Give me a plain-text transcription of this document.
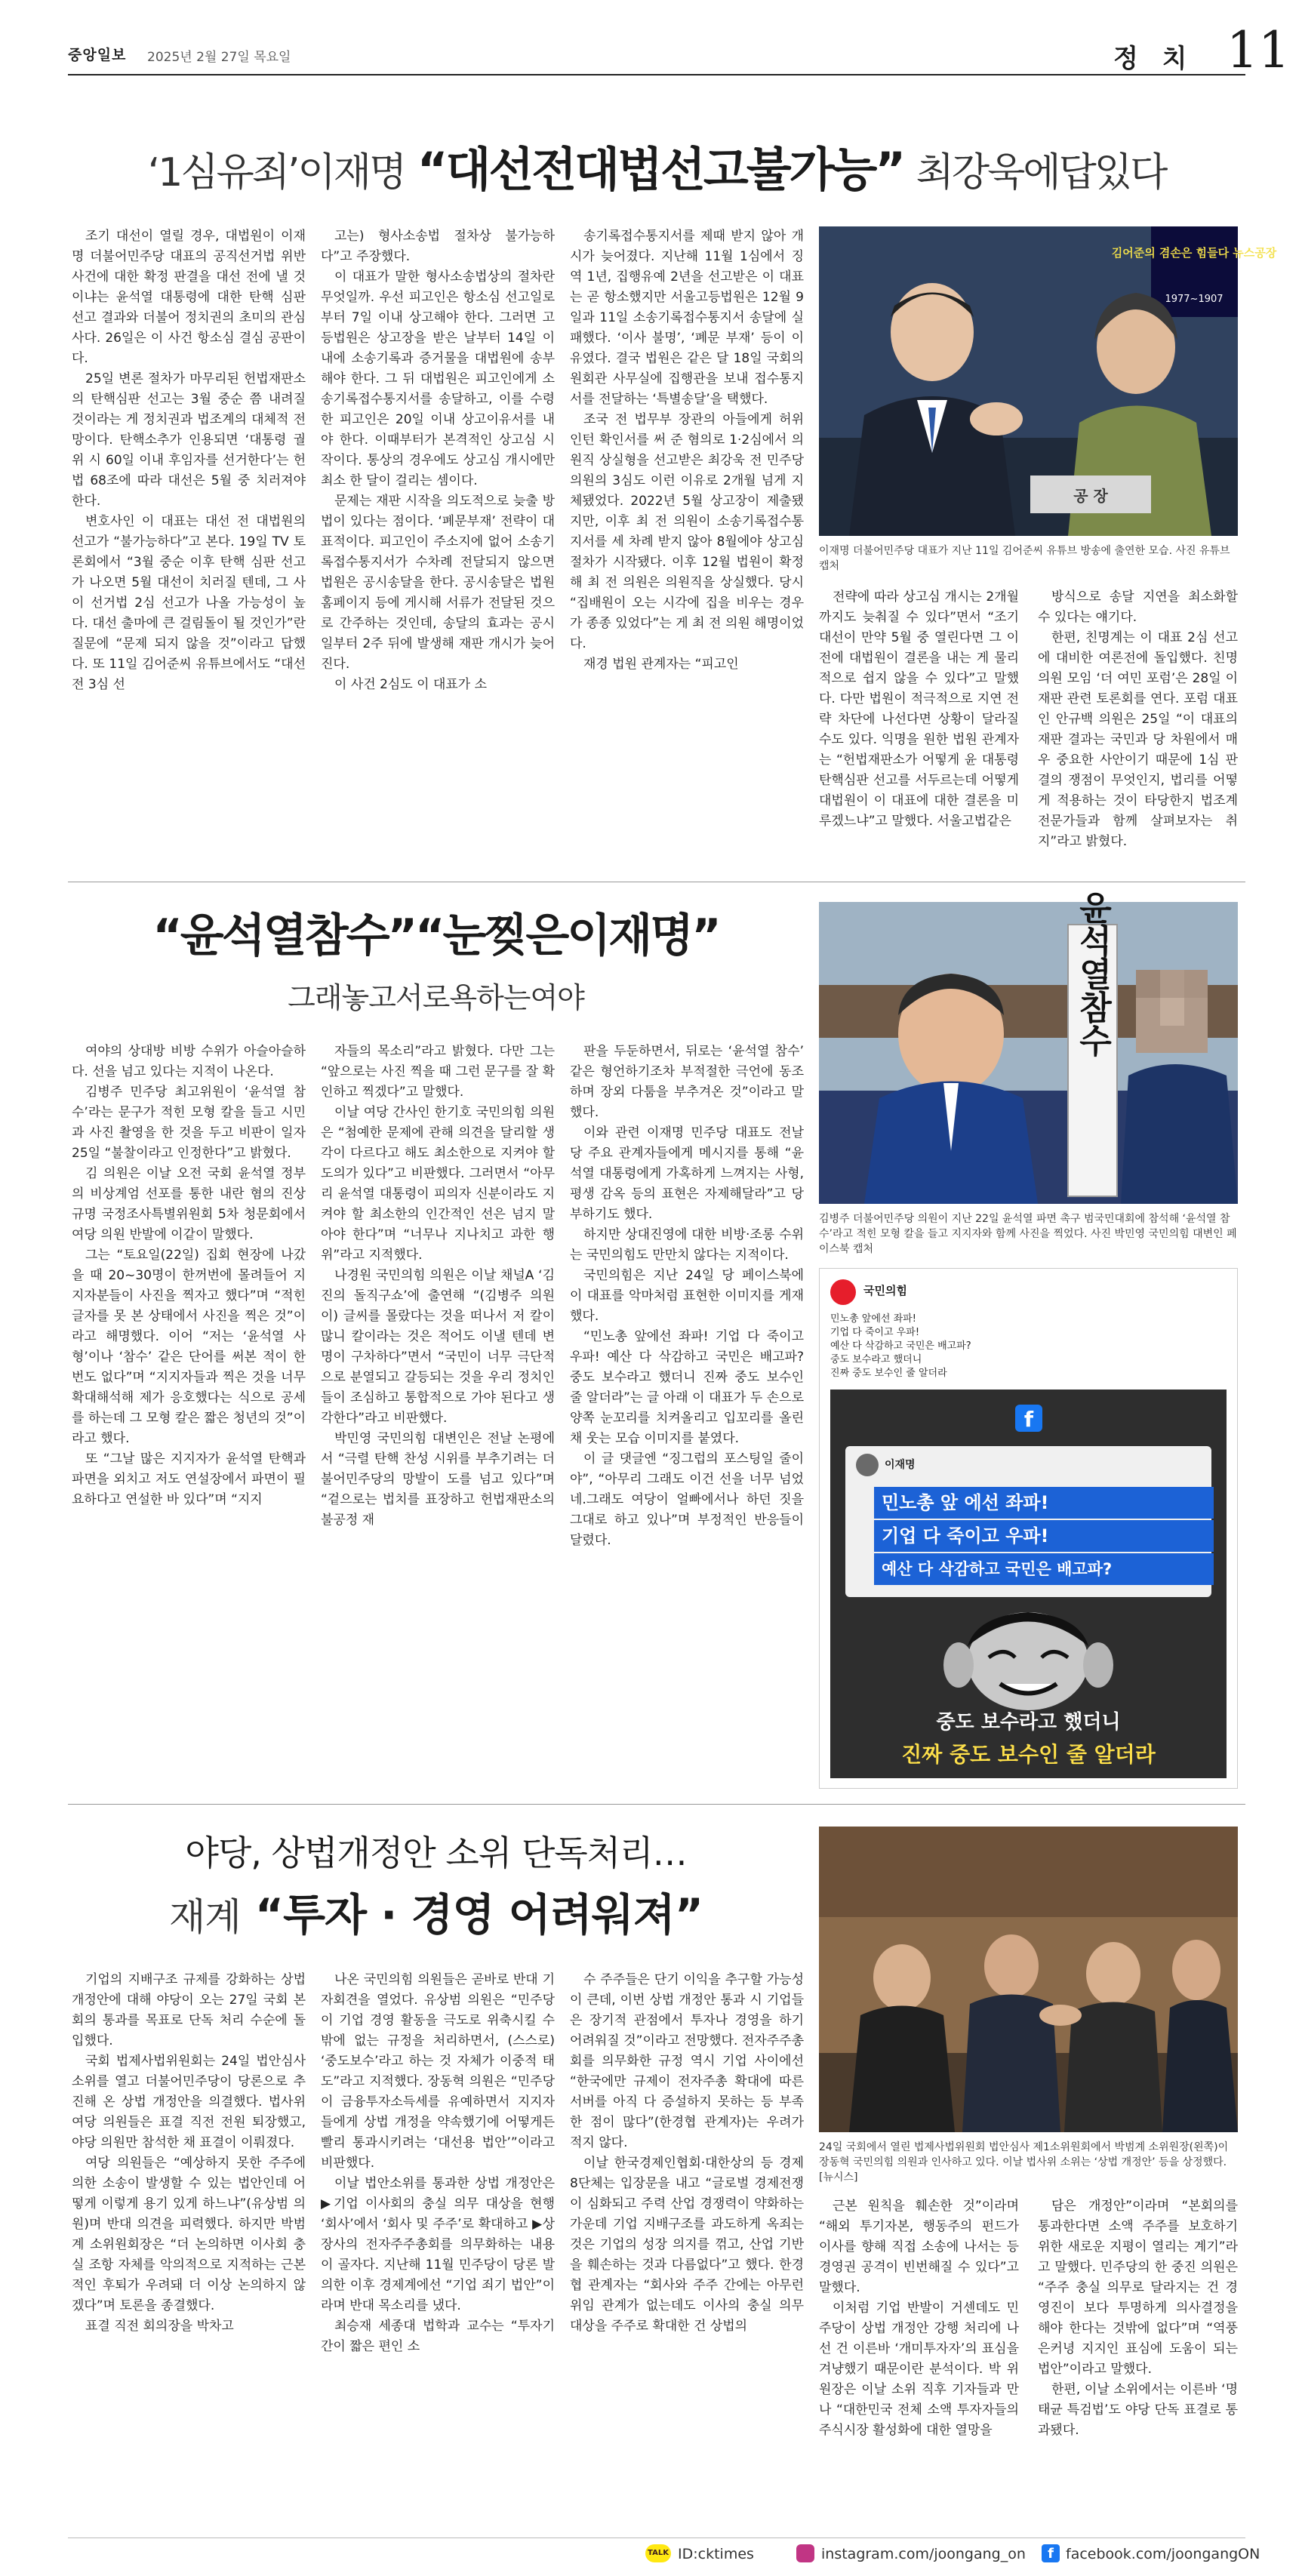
중앙일보 2025년 2월 27일 목요일	정 치 11
‘1심유죄’이재명 “대선전대법선고불가능” 최강욱에답있다

조기 대선이 열릴 경우, 대법원이 이재명 더불어민주당 대표의 공직선거법 위반 사건에 대한 확정 판결을 대선 전에 낼 것이냐는 윤석열 대통령에 대한 탄핵 심판 선고 결과와 더불어 정치권의 초미의 관심사다. 26일은 이 사건 항소심 결심 공판이다.

25일 변론 절차가 마무리된 헌법재판소의 탄핵심판 선고는 3월 중순 쯤 내려질 것이라는 게 정치권과 법조계의 대체적 전망이다. 탄핵소추가 인용되면 ‘대통령 궐위 시 60일 이내 후임자를 선거한다’는 헌법 68조에 따라 대선은 5월 중 치러져야 한다.

변호사인 이 대표는 대선 전 대법원의 선고가 “불가능하다”고 본다. 19일 TV 토론회에서 “3월 중순 이후 탄핵 심판 선고가 나오면 5월 대선이 치러질 텐데, 그 사이 선거법 2심 선고가 나올 가능성이 높다. 대선 출마에 큰 걸림돌이 될 것인가”란 질문에 “문제 되지 않을 것”이라고 답했다. 또 11일 김어준씨 유튜브에서도 “대선 전 3심 선

고는) 형사소송법 절차상 불가능하다”고 주장했다.

이 대표가 말한 형사소송법상의 절차란 무엇일까. 우선 피고인은 항소심 선고일로부터 7일 이내 상고해야 한다. 그러면 고등법원은 상고장을 받은 날부터 14일 이내에 소송기록과 증거물을 대법원에 송부해야 한다. 그 뒤 대법원은 피고인에게 소송기록접수통지서를 송달하고, 이를 수령한 피고인은 20일 이내 상고이유서를 내야 한다. 이때부터가 본격적인 상고심 시작이다. 통상의 경우에도 상고심 개시에만 최소 한 달이 걸리는 셈이다.

문제는 재판 시작을 의도적으로 늦출 방법이 있다는 점이다. ‘폐문부재’ 전략이 대표적이다. 피고인이 주소지에 없어 소송기록접수통지서가 수차례 전달되지 않으면 법원은 공시송달을 한다. 공시송달은 법원 홈페이지 등에 게시해 서류가 전달된 것으로 간주하는 것인데, 송달의 효과는 공시일부터 2주 뒤에 발생해 재판 개시가 늦어진다.

이 사건 2심도 이 대표가 소

송기록접수통지서를 제때 받지 않아 개시가 늦어졌다. 지난해 11월 1심에서 징역 1년, 집행유예 2년을 선고받은 이 대표는 곧 항소했지만 서울고등법원은 12월 9일과 11일 소송기록접수통지서 송달에 실패했다. ‘이사 불명’, ‘폐문 부재’ 등이 이유였다. 결국 법원은 같은 달 18일 국회의원회관 사무실에 집행관을 보내 접수통지서를 전달하는 ‘특별송달’을 택했다.

조국 전 법무부 장관의 아들에게 허위 인턴 확인서를 써 준 혐의로 1·2심에서 의원직 상실형을 선고받은 최강욱 전 민주당 의원의 3심도 이런 이유로 2개월 넘게 지체됐었다. 2022년 5월 상고장이 제출됐지만, 이후 최 전 의원이 소송기록접수통지서를 세 차례 받지 않아 8월에야 상고심 절차가 시작됐다. 이후 12월 법원이 확정해 최 전 의원은 의원직을 상실했다. 당시 “집배원이 오는 시각에 집을 비우는 경우가 종종 있었다”는 게 최 전 의원 해명이었다.

재경 법원 관계자는 “피고인

김어준의 겸손은 힘들다 뉴스공장
1977~1907
공 장
이재명 더불어민주당 대표가 지난 11일 김어준씨 유튜브 방송에 출연한 모습. 사진 유튜브 캡처

전략에 따라 상고심 개시는 2개월까지도 늦춰질 수 있다”면서 “조기 대선이 만약 5월 중 열린다면 그 이전에 대법원이 결론을 내는 게 물리적으로 쉽지 않을 수 있다”고 말했다. 다만 법원이 적극적으로 지연 전략 차단에 나선다면 상황이 달라질 수도 있다. 익명을 원한 법원 관계자는 “헌법재판소가 어떻게 윤 대통령 탄핵심판 선고를 서두르는데 어떻게 대법원이 이 대표에 대한 결론을 미루겠느냐”고 말했다. 서울고법같은

방식으로 송달 지연을 최소화할 수 있다는 얘기다.

한편, 친명계는 이 대표 2심 선고에 대비한 여론전에 돌입했다. 친명 의원 모임 ‘더 여민 포럼’은 28일 이 재판 관련 토론회를 연다. 포럼 대표인 안규백 의원은 25일 “이 대표의 재판 결과는 국민과 당 차원에서 매우 중요한 사안이기 때문에 1심 판결의 쟁점이 무엇인지, 법리를 어떻게 적용하는 것이 타당한지 법조계 전문가들과 함께 살펴보자는 취지”라고 밝혔다.

“윤석열참수”“눈찢은이재명”
그래놓고서로욕하는여야

여야의 상대방 비방 수위가 아슬아슬하다. 선을 넘고 있다는 지적이 나온다.

김병주 민주당 최고위원이 ‘윤석열 참수’라는 문구가 적힌 모형 칼을 들고 시민과 사진 촬영을 한 것을 두고 비판이 일자 25일 “불찰이라고 인정한다”고 밝혔다.

김 의원은 이날 오전 국회 윤석열 정부의 비상계엄 선포를 통한 내란 혐의 진상규명 국정조사특별위원회 5차 청문회에서 여당 의원 반발에 이같이 말했다.

그는 “토요일(22일) 집회 현장에 나갔을 때 20~30명이 한꺼번에 몰려들어 지지자분들이 사진을 찍자고 했다”며 “적힌 글자를 못 본 상태에서 사진을 찍은 것”이라고 해명했다. 이어 “저는 ‘윤석열 사형’이나 ‘참수’ 같은 단어를 써본 적이 한 번도 없다”며 “지지자들과 찍은 것을 너무 확대해석해 제가 응호했다는 식으로 공세를 하는데 그 모형 칼은 짧은 청년의 것”이라고 했다.

또 “그날 많은 지지자가 윤석열 탄핵과 파면을 외치고 저도 연설장에서 파면이 필요하다고 연설한 바 있다”며 “지지

자들의 목소리”라고 밝혔다. 다만 그는 “앞으로는 사진 찍을 때 그런 문구를 잘 확인하고 찍겠다”고 말했다.

이날 여당 간사인 한기호 국민의힘 의원은 “첨예한 문제에 관해 의견을 달리할 생각이 다르다고 해도 최소한으로 지켜야 할 도의가 있다”고 비판했다. 그러면서 “아무리 윤석열 대통령이 피의자 신분이라도 지켜야 할 최소한의 인간적인 선은 넘지 말아야 한다”며 “너무나 지나치고 과한 행위”라고 지적했다.

나경원 국민의힘 의원은 이날 채널A ‘김진의 돌직구쇼’에 출연해 “(김병주 의원이) 글씨를 몰랐다는 것을 떠나서 저 칼이 많니 칼이라는 것은 적어도 이낼 텐데 변명이 구차하다”면서 “국민이 너무 극단적으로 분열되고 갈등되는 것을 우리 정치인들이 조심하고 통합적으로 가야 된다고 생각한다”라고 비판했다.

박민영 국민의힘 대변인은 전날 논평에서 “극렬 탄핵 찬성 시위를 부추기려는 더불어민주당의 망발이 도를 넘고 있다”며 “겉으로는 법치를 표장하고 헌법재판소의 불공정 재

판을 두둔하면서, 뒤로는 ‘윤석열 참수’ 같은 형언하기조차 부적절한 극언에 동조하며 장외 다툼을 부추겨온 것”이라고 말했다.

이와 관련 이재명 민주당 대표도 전날 당 주요 관계자들에게 메시지를 통해 “윤석열 대통령에게 가혹하게 느껴지는 사형, 평생 감옥 등의 표현은 자제해달라”고 당부하기도 했다.

하지만 상대진영에 대한 비방·조롱 수위는 국민의힘도 만만치 않다는 지적이다.

국민의힘은 지난 24일 당 페이스북에 이 대표를 악마처럼 표현한 이미지를 게재했다.

“민노총 앞에선 좌파! 기업 다 죽이고 우파! 예산 다 삭감하고 국민은 배고파? 중도 보수라고 했더니 진짜 중도 보수인 줄 알더라”는 글 아래 이 대표가 두 손으로 양쪽 눈꼬리를 치켜올리고 입꼬리를 올린 채 웃는 모습 이미지를 붙였다.

이 글 댓글엔 “징그럽의 포스팅일 줄이야”, “아무리 그래도 이건 선을 너무 넘었네.그래도 여당이 얼빠에서나 하던 짓을 그대로 하고 있나”며 부정적인 반응들이 달렸다.

윤석열참수
김병주 더불어민주당 의원이 지난 22일 윤석열 파면 촉구 범국민대회에 참석해 ‘윤석열 참수’라고 적힌 모형 칼을 들고 지지자와 함께 사진을 찍었다. 사진 박민영 국민의힘 대변인 페이스북 캡처
국민의힘
민노총 앞에선 좌파!
기업 다 죽이고 우파!
예산 다 삭감하고 국민은 배고파?
중도 보수라고 했더니
진짜 중도 보수인 줄 알더라
f
이재명
민노총 앞 에선 좌파!
기업 다 죽이고 우파!
예산 다 삭감하고 국민은 배고파?
중도 보수라고 했더니
진짜 중도 보수인 줄 알더라
야당, 상법개정안 소위 단독처리…
재계 “투자 · 경영 어려워져”

기업의 지배구조 규제를 강화하는 상법 개정안에 대해 야당이 오는 27일 국회 본회의 통과를 목표로 단독 처리 수순에 돌입했다.

국회 법제사법위원회는 24일 법안심사소위를 열고 더불어민주당이 당론으로 추진해 온 상법 개정안을 의결했다. 법사위 여당 의원들은 표결 직전 전원 퇴장했고, 야당 의원만 참석한 채 표결이 이뤄졌다.

여당 의원들은 “예상하지 못한 주주에 의한 소송이 발생할 수 있는 법안인데 어떻게 이렇게 용기 있게 하느냐”(유상범 의원)며 반대 의견을 피력했다. 하지만 박범계 소위원회장은 “더 논의하면 이사회 충실 조항 자체를 악의적으로 지적하는 근본적인 후퇴가 우려돼 더 이상 논의하지 않겠다”며 토론을 종결했다.

표결 직전 회의장을 박차고

나온 국민의힘 의원들은 곧바로 반대 기자회견을 열었다. 유상범 의원은 “민주당이 기업 경영 활동을 극도로 위축시킬 수밖에 없는 규정을 처리하면서, (스스로) ‘중도보수’라고 하는 것 자체가 이중적 태도”라고 지적했다. 장동혁 의원은 “민주당이 금융투자소득세를 유예하면서 지지자들에게 상법 개정을 약속했기에 어떻게든 빨리 통과시키려는 ‘대선용 법안’”이라고 비판했다.

이날 법안소위를 통과한 상법 개정안은 ▶기업 이사회의 충실 의무 대상을 현행 ‘회사’에서 ‘회사 및 주주’로 확대하고 ▶상장사의 전자주주총회를 의무화하는 내용이 골자다. 지난해 11월 민주당이 당론 발의한 이후 경제계에선 “기업 죄기 법안”이라며 반대 목소리를 냈다.

최승재 세종대 법학과 교수는 “투자기간이 짧은 편인 소

수 주주들은 단기 이익을 추구할 가능성이 큰데, 이번 상법 개정안 통과 시 기업들은 장기적 관점에서 투자나 경영을 하기 어려워질 것”이라고 전망했다. 전자주주총회를 의무화한 규정 역시 기업 사이에선 “한국에만 규제이 전자주총 확대에 따른 서버를 아직 다 증설하지 못하는 등 부족한 점이 많다”(한경협 관계자)는 우려가 적지 않다.

이날 한국경제인협회·대한상의 등 경제 8단체는 입장문을 내고 “글로벌 경제전쟁이 심화되고 주력 산업 경쟁력이 약화하는 가운데 기업 지배구조를 과도하게 옥죄는 것은 기업의 성장 의지를 꺾고, 산업 기반을 훼손하는 것과 다름없다”고 했다. 한경협 관계자는 “회사와 주주 간에는 아무런 위임 관계가 없는데도 이사의 충실 의무 대상을 주주로 확대한 건 상법의

24일 국회에서 열린 법제사법위원회 법안심사 제1소위원회에서 박범계 소위원장(왼쪽)이 장동혁 국민의힘 의원과 인사하고 있다. 이날 법사위 소위는 ‘상법 개정안’ 등을 상정했다. [뉴시스]

근본 원칙을 훼손한 것”이라며 “해외 투기자본, 행동주의 펀드가 이사를 향해 직접 소송에 나서는 등 경영권 공격이 빈번해질 수 있다”고 말했다.

이처럼 기업 반발이 거센데도 민주당이 상법 개정안 강행 처리에 나선 건 이른바 ‘개미투자자’의 표심을 겨냥했기 때문이란 분석이다. 박 위원장은 이날 소위 직후 기자들과 만나 “대한민국 전체 소액 투자자들의 주식시장 활성화에 대한 열망을

담은 개정안”이라며 “본회의를 통과한다면 소액 주주를 보호하기 위한 새로운 지평이 열리는 계기”라고 말했다. 민주당의 한 중진 의원은 “주주 충실 의무로 달라지는 건 경영진이 보다 투명하게 의사결정을 해야 한다는 것밖에 없다”며 “역풍은커녕 지지인 표심에 도움이 되는 법안”이라고 말했다.

한편, 이날 소위에서는 이른바 ‘명태균 특검법’도 야당 단독 표결로 통과됐다.

TALK ID:cktimes	instagram.com/joongang_on	f facebook.com/joongangON
